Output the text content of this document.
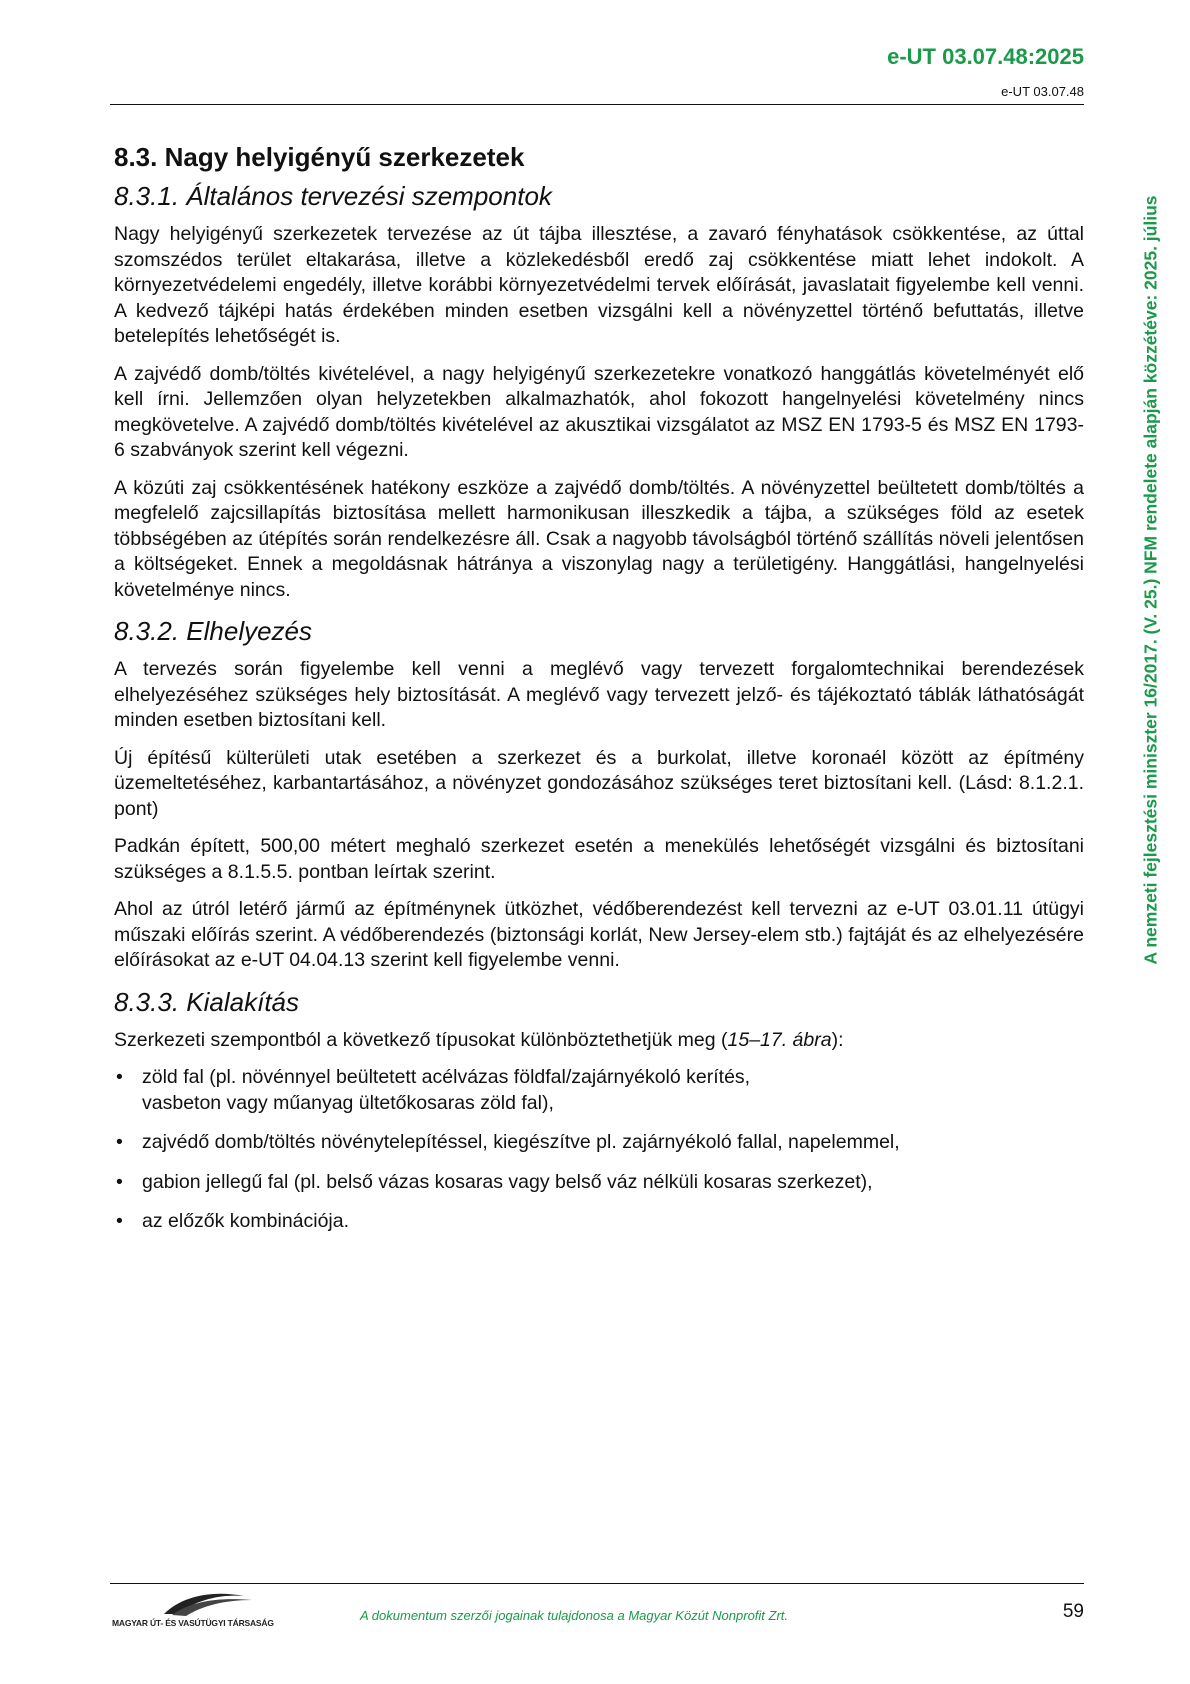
e-UT 03.07.48:2025
e-UT 03.07.48
A nemzeti fejlesztési miniszter 16/2017. (V. 25.) NFM rendelete alapján közzétéve: 2025. július
8.3. Nagy helyigényű szerkezetek
8.3.1. Általános tervezési szempontok

Nagy helyigényű szerkezetek tervezése az út tájba illesztése, a zavaró fényhatások csökkentése, az úttal szomszédos terület eltakarása, illetve a közlekedésből eredő zaj csökkentése miatt lehet indokolt. A környezetvédelemi engedély, illetve korábbi környezetvédelmi tervek előírását, javaslatait figyelembe kell venni. A kedvező tájképi hatás érdekében minden esetben vizsgálni kell a növényzettel történő befuttatás, illetve betelepítés lehetőségét is.

A zajvédő domb/töltés kivételével, a nagy helyigényű szerkezetekre vonatkozó hanggátlás követelményét elő kell írni. Jellemzően olyan helyzetekben alkalmazhatók, ahol fokozott hangelnyelési követelmény nincs megkövetelve. A zajvédő domb/töltés kivételével az akusztikai vizsgálatot az MSZ EN 1793-5 és MSZ EN 1793-6 szabványok szerint kell végezni.

A közúti zaj csökkentésének hatékony eszköze a zajvédő domb/töltés. A növényzettel beültetett domb/töltés a megfelelő zajcsillapítás biztosítása mellett harmonikusan illeszkedik a tájba, a szükséges föld az esetek többségében az útépítés során rendelkezésre áll. Csak a nagyobb távolságból történő szállítás növeli jelentősen a költségeket. Ennek a megoldásnak hátránya a viszonylag nagy a területigény. Hanggátlási, hangelnyelési követelménye nincs.

8.3.2. Elhelyezés

A tervezés során figyelembe kell venni a meglévő vagy tervezett forgalomtechnikai berendezések elhelyezéséhez szükséges hely biztosítását. A meglévő vagy tervezett jelző- és tájékoztató táblák láthatóságát minden esetben biztosítani kell.

Új építésű külterületi utak esetében a szerkezet és a burkolat, illetve koronaél között az építmény üzemeltetéséhez, karbantartásához, a növényzet gondozásához szükséges teret biztosítani kell. (Lásd: 8.1.2.1. pont)

Padkán épített, 500,00 métert meghaló szerkezet esetén a menekülés lehetőségét vizsgálni és biztosítani szükséges a 8.1.5.5. pontban leírtak szerint.

Ahol az útról letérő jármű az építménynek ütközhet, védőberendezést kell tervezni az e-UT 03.01.11 útügyi műszaki előírás szerint. A védőberendezés (biztonsági korlát, New Jersey-elem stb.) fajtáját és az elhelyezésére előírásokat az e-UT 04.04.13 szerint kell figyelembe venni.

8.3.3. Kialakítás

Szerkezeti szempontból a következő típusokat különböztethetjük meg (15–17. ábra):

• zöld fal (pl. növénnyel beültetett acélvázas földfal/zajárnyékoló kerítés,
vasbeton vagy műanyag ültetőkosaras zöld fal),
• zajvédő domb/töltés növénytelepítéssel, kiegészítve pl. zajárnyékoló fallal, napelemmel,
• gabion jellegű fal (pl. belső vázas kosaras vagy belső váz nélküli kosaras szerkezet),
• az előzők kombinációja.
MAGYAR ÚT- ÉS VASÚTÜGYI TÁRSASÁG	A dokumentum szerzői jogainak tulajdonosa a Magyar Közút Nonprofit Zrt.	59
